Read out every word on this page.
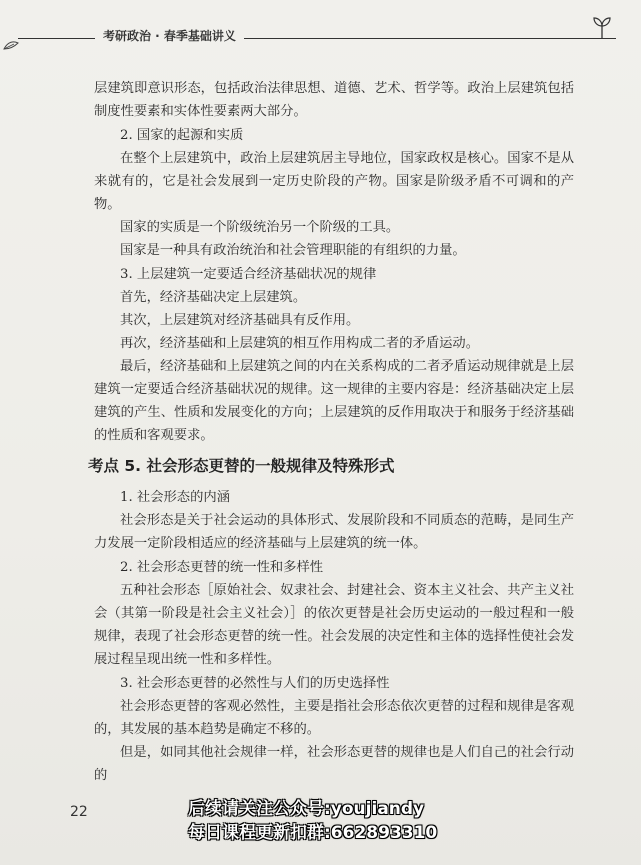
考研政治 · 春季基础讲义

层建筑即意识形态，包括政治法律思想、道德、艺术、哲学等。政治上层建筑包括制度性要素和实体性要素两大部分。

2. 国家的起源和实质

在整个上层建筑中，政治上层建筑居主导地位，国家政权是核心。国家不是从来就有的，它是社会发展到一定历史阶段的产物。国家是阶级矛盾不可调和的产物。

国家的实质是一个阶级统治另一个阶级的工具。

国家是一种具有政治统治和社会管理职能的有组织的力量。

3. 上层建筑一定要适合经济基础状况的规律

首先，经济基础决定上层建筑。

其次，上层建筑对经济基础具有反作用。

再次，经济基础和上层建筑的相互作用构成二者的矛盾运动。

最后，经济基础和上层建筑之间的内在关系构成的二者矛盾运动规律就是上层建筑一定要适合经济基础状况的规律。这一规律的主要内容是：经济基础决定上层建筑的产生、性质和发展变化的方向；上层建筑的反作用取决于和服务于经济基础的性质和客观要求。

考点 5. 社会形态更替的一般规律及特殊形式

1. 社会形态的内涵

社会形态是关于社会运动的具体形式、发展阶段和不同质态的范畴，是同生产力发展一定阶段相适应的经济基础与上层建筑的统一体。

2. 社会形态更替的统一性和多样性

五种社会形态［原始社会、奴隶社会、封建社会、资本主义社会、共产主义社会（其第一阶段是社会主义社会）］的依次更替是社会历史运动的一般过程和一般规律，表现了社会形态更替的统一性。社会发展的决定性和主体的选择性使社会发展过程呈现出统一性和多样性。

3. 社会形态更替的必然性与人们的历史选择性

社会形态更替的客观必然性，主要是指社会形态依次更替的过程和规律是客观的，其发展的基本趋势是确定不移的。

但是，如同其他社会规律一样，社会形态更替的规律也是人们自己的社会行动的

22	后续请关注公众号:youjiandy
每日课程更新扣群:662893310
